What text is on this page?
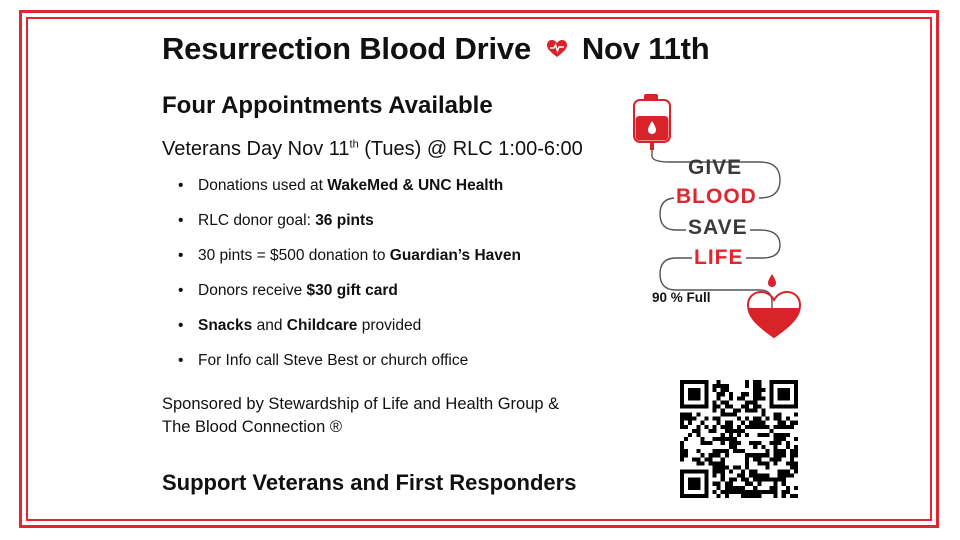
Resurrection Blood Drive Nov 11th
Four Appointments Available
Veterans Day Nov 11th (Tues) @ RLC 1:00-6:00
• Donations used at WakeMed & UNC Health
• RLC donor goal: 36 pints
• 30 pints = $500 donation to Guardian’s Haven
• Donors receive $30 gift card
• Snacks and Childcare provided
• For Info call Steve Best or church office
Sponsored by Stewardship of Life and Health Group &
The Blood Connection ®
Support Veterans and First Responders
GIVE
BLOOD
SAVE
LIFE
90 % Full
